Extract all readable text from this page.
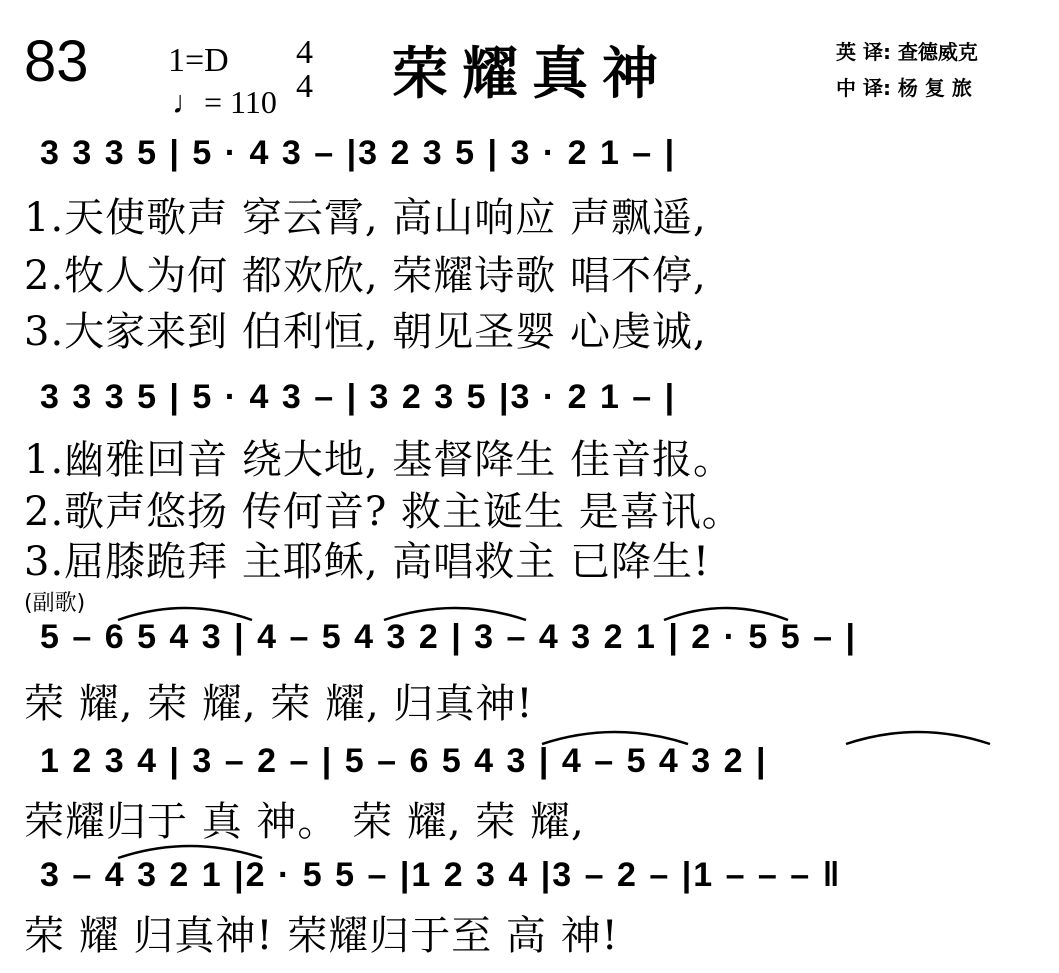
83 1=D
♩= 110
4
4 荣耀真神	英 译: 查德威克
中 译: 杨 复 旅
3 3 3 5 | 5 · 4 3 – |3 2 3 5 | 3 · 2 1 – |
1.天使歌声 穿云霄, 高山响应 声飘遥,
2.牧人为何 都欢欣, 荣耀诗歌 唱不停,
3.大家来到 伯利恒, 朝见圣婴 心虔诚,
3 3 3 5 | 5 · 4 3 – | 3 2 3 5 |3 · 2 1 – |
1.幽雅回音 绕大地, 基督降生 佳音报。
2.歌声悠扬 传何音? 救主诞生 是喜讯。
3.屈膝跪拜 主耶稣, 高唱救主 已降生!
(副歌)
5 – 6 5 4 3 | 4 – 5 4 3 2 | 3 – 4 3 2 1 | 2 · 5 5 – |
荣 耀, 荣 耀, 荣 耀, 归真神!
1 2 3 4 | 3 – 2 – | 5 – 6 5 4 3 | 4 – 5 4 3 2 |
荣耀归于 真 神。 荣 耀, 荣 耀,
3 – 4 3 2 1 |2 · 5 5 – |1 2 3 4 |3 – 2 – |1 – – – ‖
荣 耀 归真神! 荣耀归于至 高 神!
